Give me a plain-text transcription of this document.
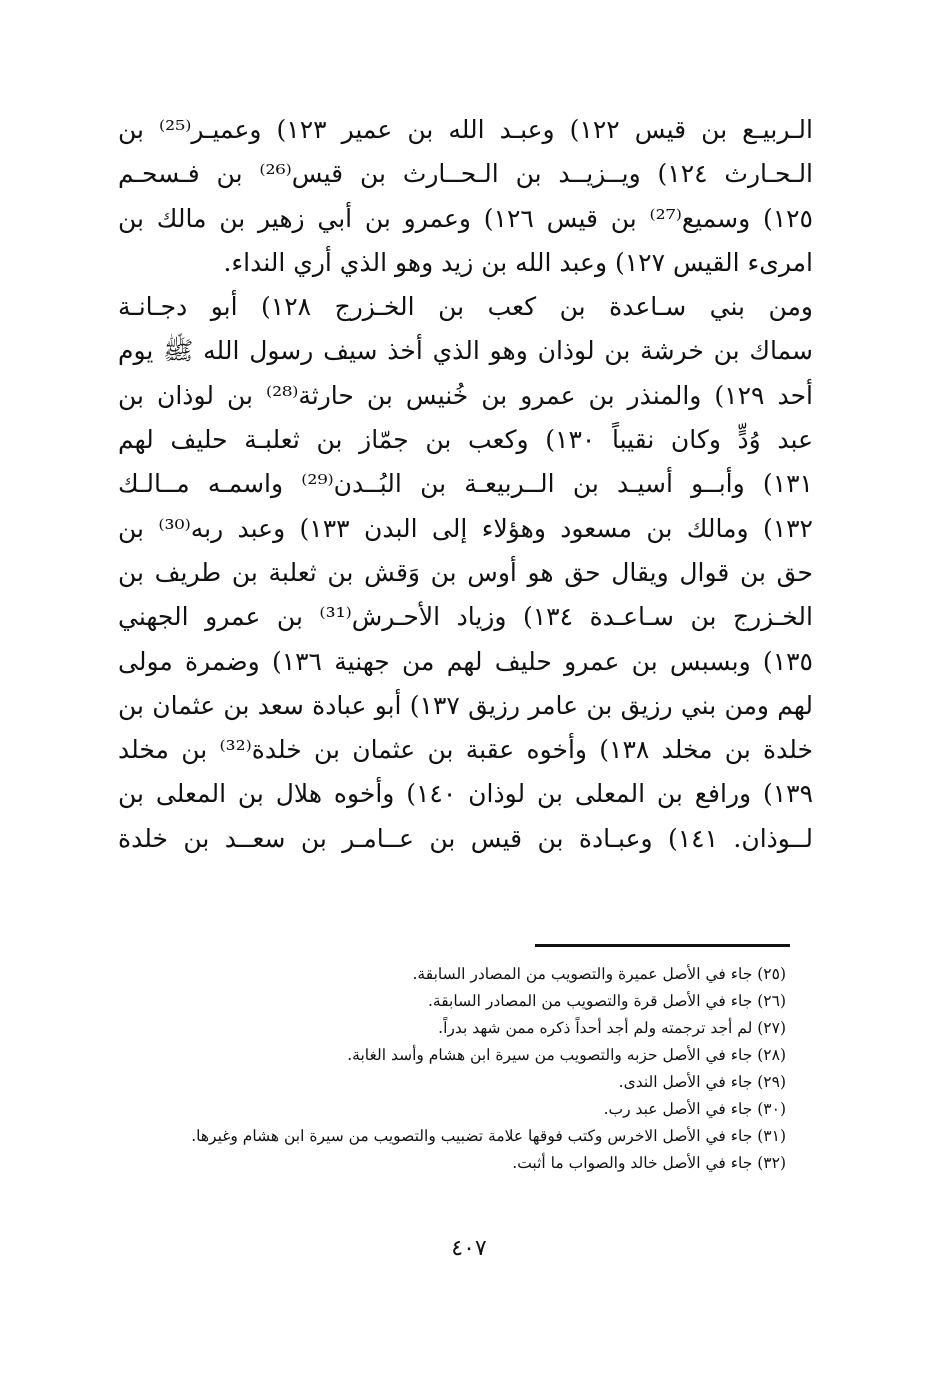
الـربيـع بن قيس ١٢٢) وعبـد الله بن عمير ١٢٣) وعميـر⁽²⁵⁾ بن
الـحـارث ١٢٤) ويــزيــد بن الـحــارث بن قيس⁽²⁶⁾ بن فـسحـم
١٢٥) وسميع⁽²⁷⁾ بن قيس ١٢٦) وعمرو بن أبي زهير بن مالك بن
امرىء القيس ١٢٧) وعبد الله بن زيد وهو الذي أري النداء.
ومن بني سـاعدة بن كعب بن الخـزرج ١٢٨) أبو دجـانـة
سماك بن خرشة بن لوذان وهو الذي أخذ سيف رسول الله ﷺ يوم
أحد ١٢٩) والمنذر بن عمرو بن خُنيس بن حارثة⁽²⁸⁾ بن لوذان بن
عبد وُدٍّ وكان نقيباً ١٣٠) وكعب بن جمّاز بن ثعلبـة حليف لهم
١٣١) وأبــو أسيـد بن الــربيعـة بن البُــدن⁽²⁹⁾ واسمـه مــالـك
١٣٢) ومالك بن مسعود وهؤلاء إلى البدن ١٣٣) وعبد ربه⁽³⁰⁾ بن
حق بن قوال ويقال حق هو أوس بن وَقش بن ثعلبة بن طريف بن
الخـزرج بن سـاعـدة ١٣٤) وزياد الأحـرش⁽³¹⁾ بن عمرو الجهني
١٣٥) وبسبس بن عمرو حليف لهم من جهنية ١٣٦) وضمرة مولى
لهم ومن بني رزيق بن عامر رزيق ١٣٧) أبو عبادة سعد بن عثمان بن
خلدة بن مخلد ١٣٨) وأخوه عقبة بن عثمان بن خلدة⁽³²⁾ بن مخلد
١٣٩) ورافع بن المعلى بن لوذان ١٤٠) وأخوه هلال بن المعلى بن
لــوذان. ١٤١) وعبـادة بن قيس بن عــامـر بن سعــد بن خلدة
(٢٥) جاء في الأصل عميرة والتصويب من المصادر السابقة.
(٢٦) جاء في الأصل قرة والتصويب من المصادر السابقة.
(٢٧) لم أجد ترجمته ولم أجد أحداً ذكره ممن شهد بدراً.
(٢٨) جاء في الأصل حزبه والتصويب من سيرة ابن هشام وأسد الغابة.
(٢٩) جاء في الأصل الندى.
(٣٠) جاء في الأصل عبد رب.
(٣١) جاء في الأصل الاخرس وكتب فوقها علامة تضبيب والتصويب من سيرة ابن هشام وغيرها.
(٣٢) جاء في الأصل خالد والصواب ما أثبت.
٤٠٧
